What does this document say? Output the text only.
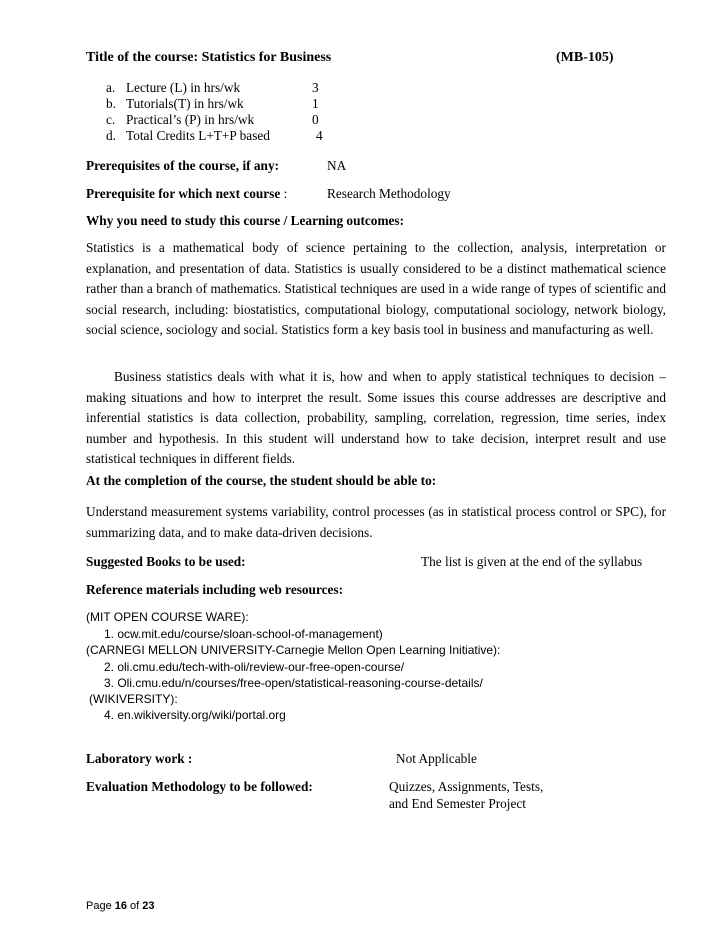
Title of the course: Statistics for Business	(MB-105)
a. Lecture (L) in hrs/wk	3
b. Tutorials(T) in hrs/wk	1
c. Practical’s (P) in hrs/wk	0
d. Total Credits L+T+P based	4
Prerequisites of the course, if any:	NA
Prerequisite for which next course :	Research Methodology
Why you need to study this course / Learning outcomes:
Statistics is a mathematical body of science pertaining to the collection, analysis, interpretation or explanation, and presentation of data. Statistics is usually considered to be a distinct mathematical science rather than a branch of mathematics. Statistical techniques are used in a wide range of types of scientific and social research, including: biostatistics, computational biology, computational sociology, network biology, social science, sociology and social. Statistics form a key basis tool in business and manufacturing as well.
Business statistics deals with what it is, how and when to apply statistical techniques to decision – making situations and how to interpret the result. Some issues this course addresses are descriptive and inferential statistics is data collection, probability, sampling, correlation, regression, time series, index number and hypothesis. In this student will understand how to take decision, interpret result and use statistical techniques in different fields.
At the completion of the course, the student should be able to:
Understand measurement systems variability, control processes (as in statistical process control or SPC), for summarizing data, and to make data-driven decisions.
Suggested Books to be used:	The list is given at the end of the syllabus
Reference materials including web resources:
(MIT OPEN COURSE WARE):
1. ocw.mit.edu/course/sloan-school-of-management)
(CARNEGI MELLON UNIVERSITY-Carnegie Mellon Open Learning Initiative):
2. oli.cmu.edu/tech-with-oli/review-our-free-open-course/
3. Oli.cmu.edu/n/courses/free-open/statistical-reasoning-course-details/
(WIKIVERSITY):
4. en.wikiversity.org/wiki/portal.org
Laboratory work :	Not Applicable
Evaluation Methodology to be followed:	Quizzes, Assignments, Tests,
and End Semester Project
Page 16 of 23
